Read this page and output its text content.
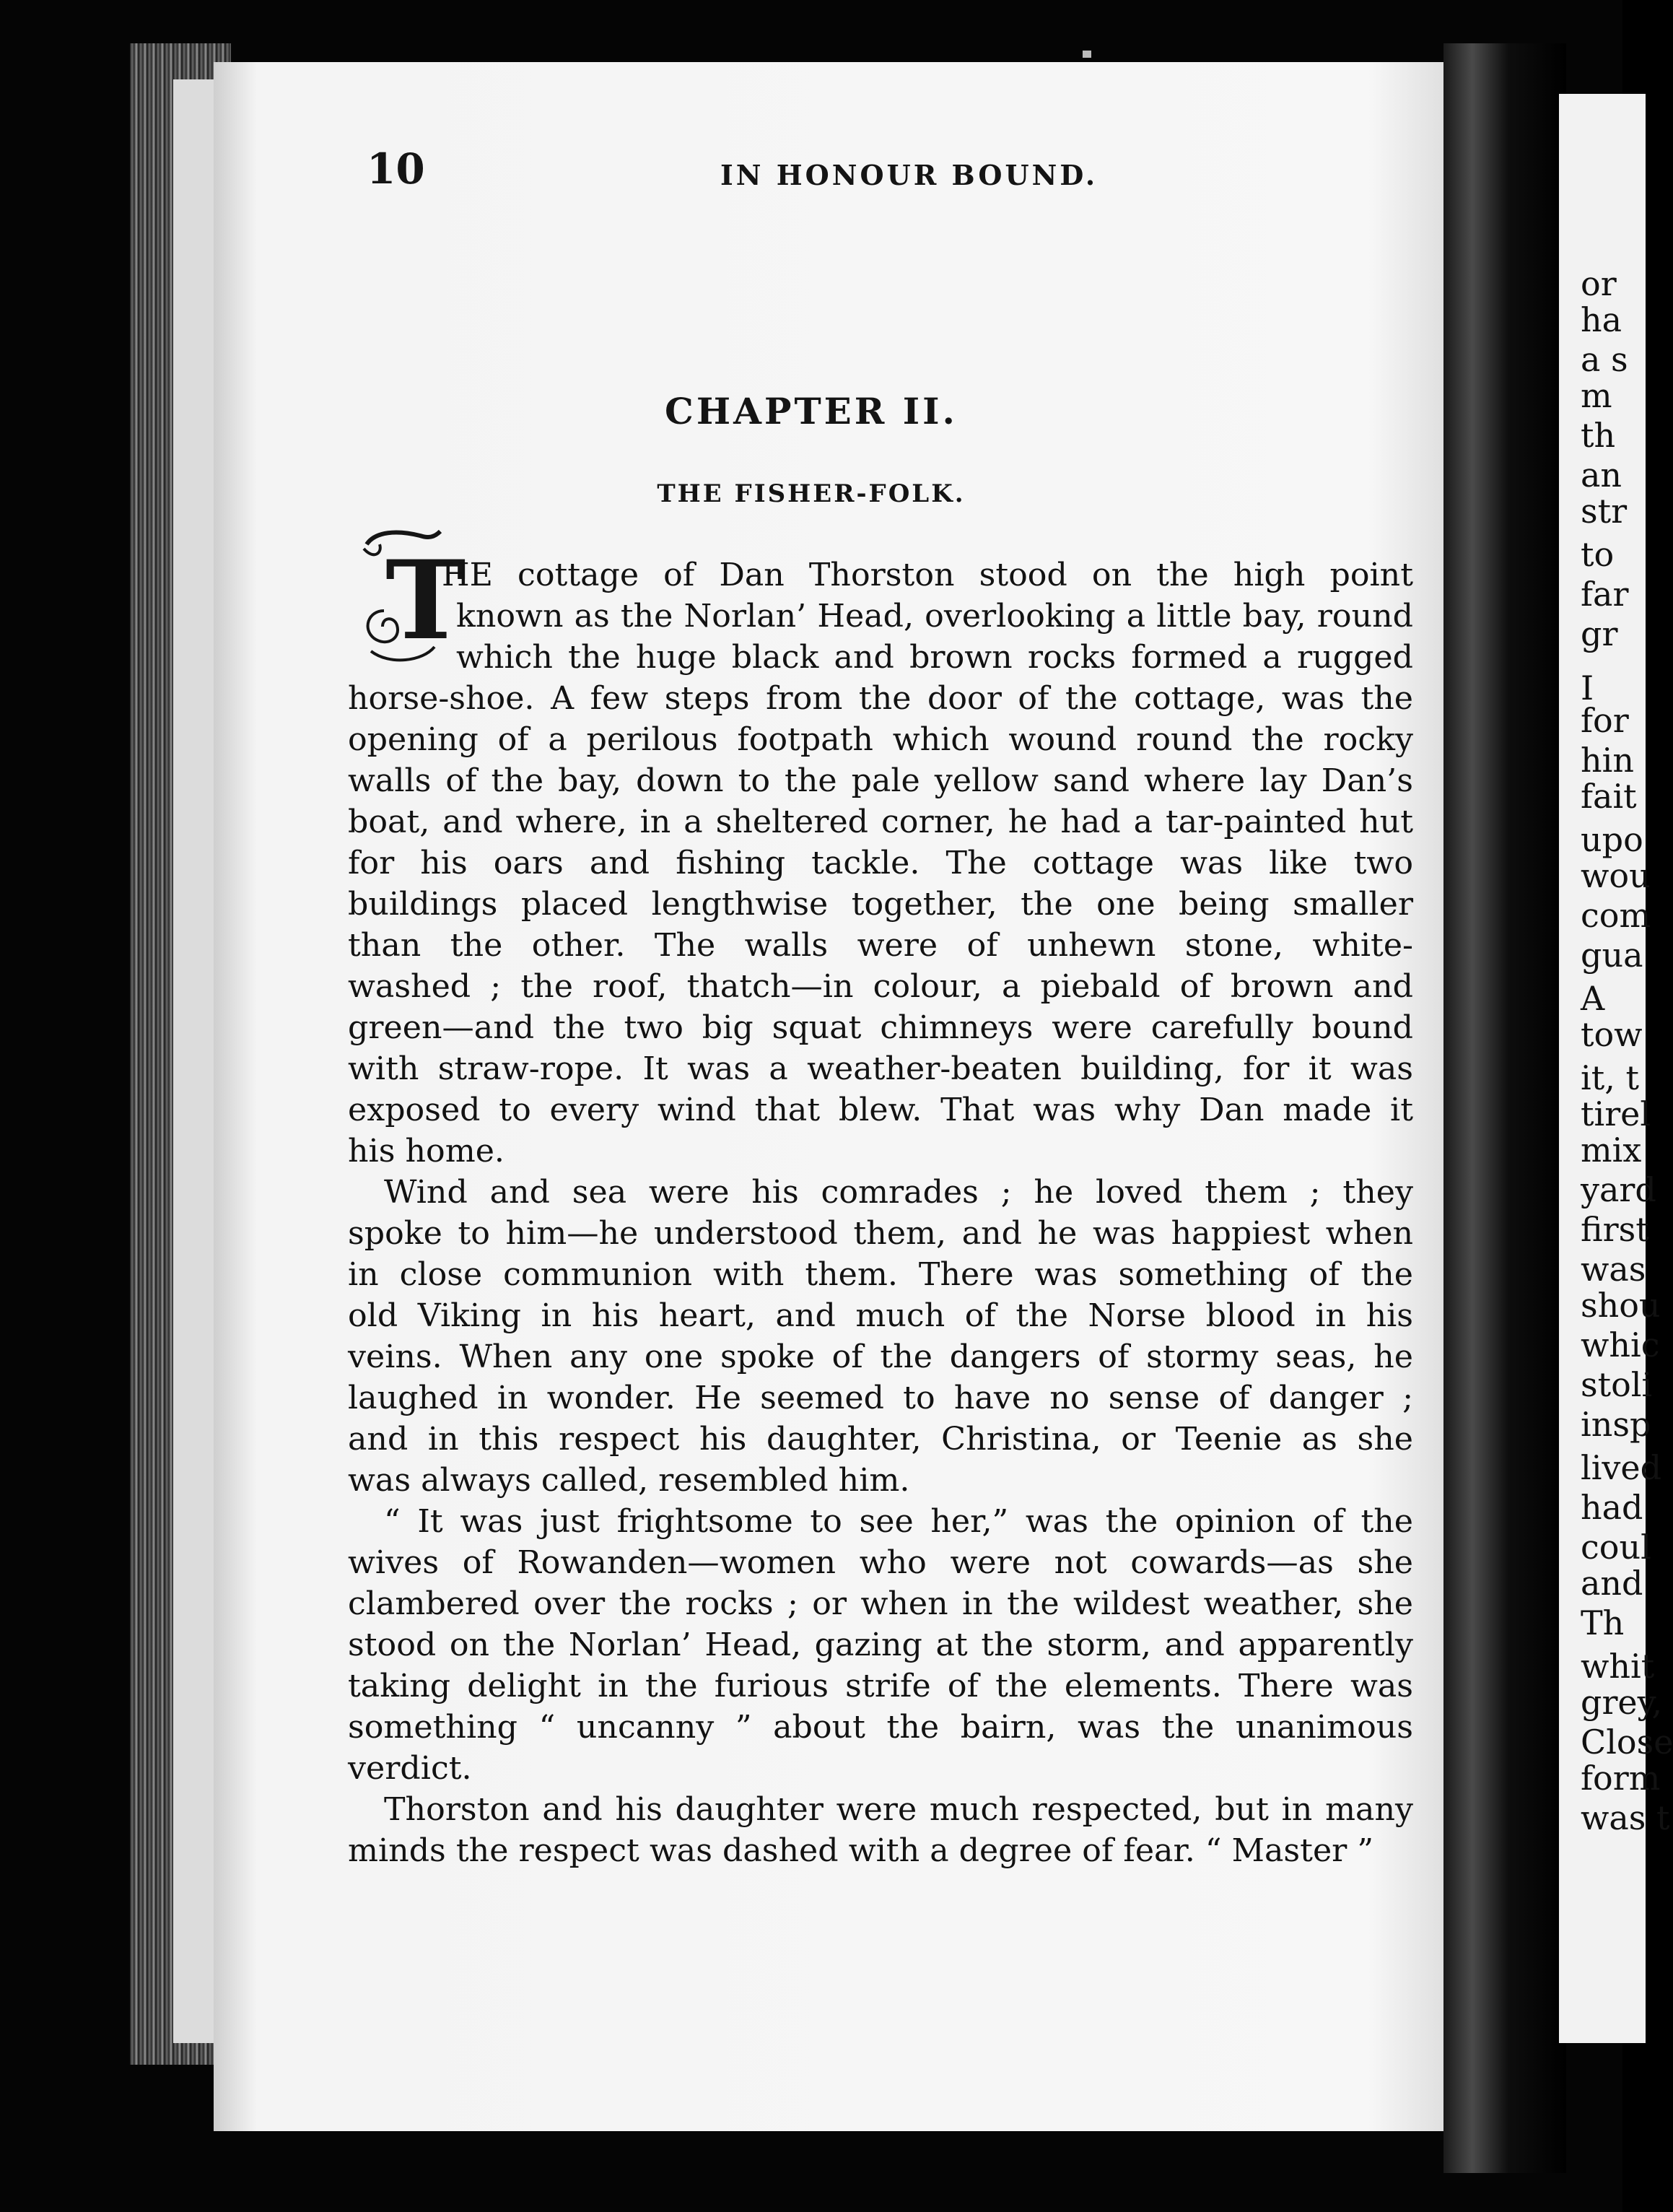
or
ha
a s
m
th
an
str
to
far
gr
I
for
hin
fait
upo
wou
com
gua
A
tow
it, t
tirel
mix
yard
first
was
shou
whic
stoli
insp
lived
had
coul
and
Th
whit
grey,
Close
form
was t
10	IN HONOUR BOUND.
CHAPTER II.
THE FISHER-FOLK.
T
HE cottage of Dan Thorston stood on the high point
known as the Norlan’ Head, overlooking a little bay, round
which the huge black and brown rocks formed a rugged
horse-shoe. A few steps from the door of the cottage, was the
opening of a perilous footpath which wound round the rocky
walls of the bay, down to the pale yellow sand where lay Dan’s
boat, and where, in a sheltered corner, he had a tar-painted hut
for his oars and fishing tackle. The cottage was like two
buildings placed lengthwise together, the one being smaller
than the other. The walls were of unhewn stone, white-
washed ; the roof, thatch—in colour, a piebald of brown and
green—and the two big squat chimneys were carefully bound
with straw-rope. It was a weather-beaten building, for it was
exposed to every wind that blew. That was why Dan made it
his home.
Wind and sea were his comrades ; he loved them ; they
spoke to him—he understood them, and he was happiest when
in close communion with them. There was something of the
old Viking in his heart, and much of the Norse blood in his
veins. When any one spoke of the dangers of stormy seas, he
laughed in wonder. He seemed to have no sense of danger ;
and in this respect his daughter, Christina, or Teenie as she
was always called, resembled him.
“ It was just frightsome to see her,” was the opinion of the
wives of Rowanden—women who were not cowards—as she
clambered over the rocks ; or when in the wildest weather, she
stood on the Norlan’ Head, gazing at the storm, and apparently
taking delight in the furious strife of the elements. There was
something “ uncanny ” about the bairn, was the unanimous
verdict.
Thorston and his daughter were much respected, but in many
minds the respect was dashed with a degree of fear. “ Master ”
